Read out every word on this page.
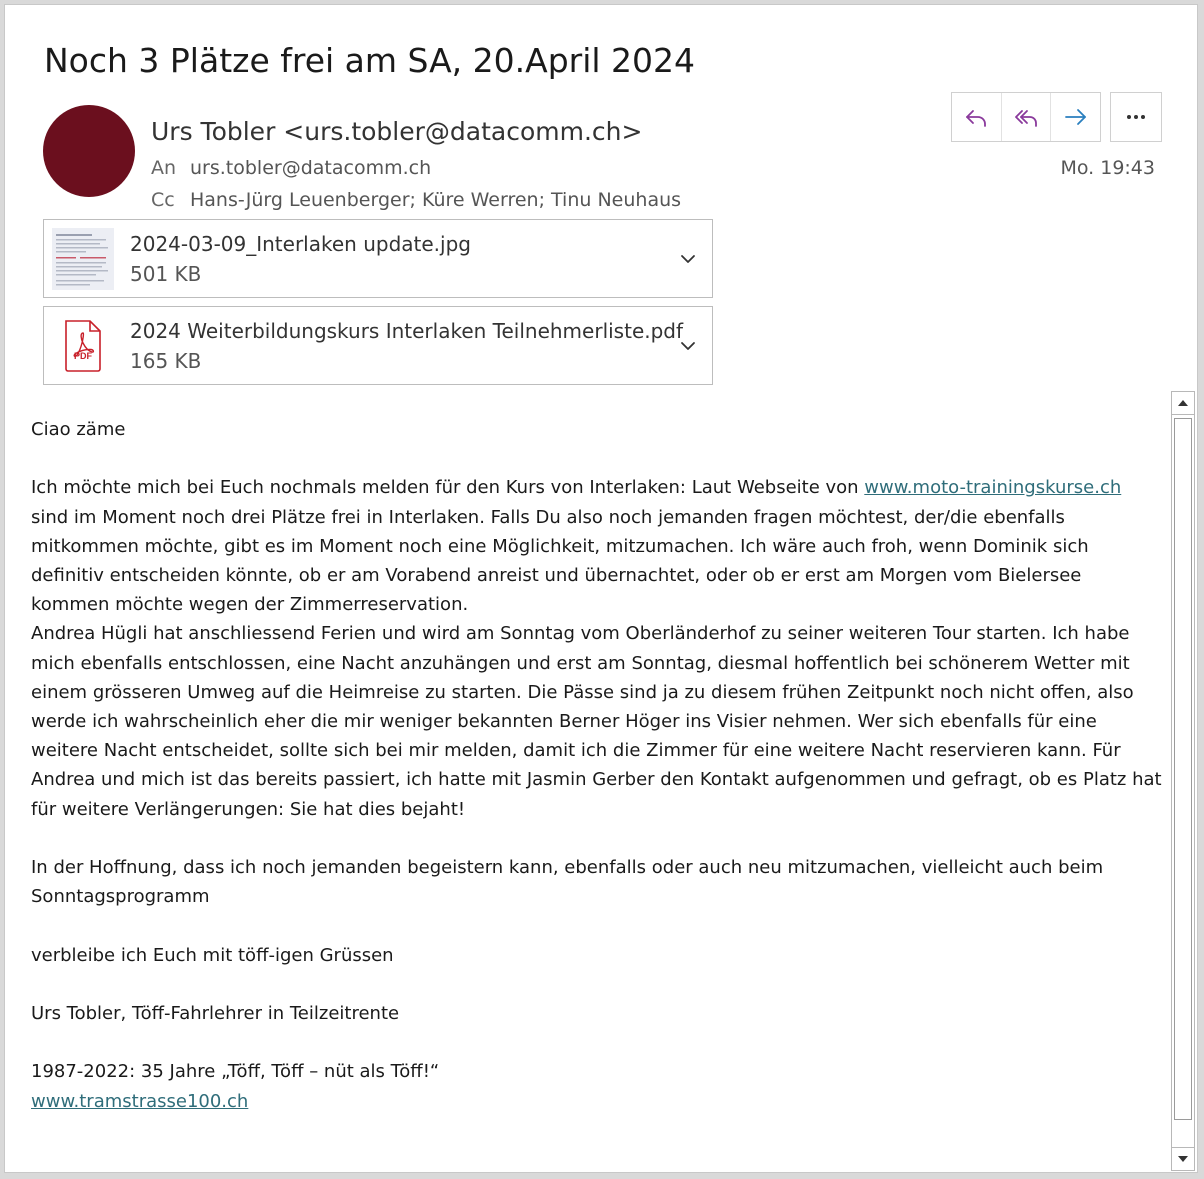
Noch 3 Plätze frei am SA, 20.April 2024
Urs Tobler <urs.tobler@datacomm.ch>
An urs.tobler@datacomm.ch
Cc Hans-Jürg Leuenberger; Küre Werren; Tinu Neuhaus
Mo. 19:43
2024-03-09_Interlaken update.jpg
501 KB
PDF
2024 Weiterbildungskurs Interlaken Teilnehmerliste.pdf
165 KB

Ciao zäme

Ich möchte mich bei Euch nochmals melden für den Kurs von Interlaken: Laut Webseite von www.moto-trainingskurse.ch sind im Moment noch drei Plätze frei in Interlaken. Falls Du also noch jemanden fragen möchtest, der/die ebenfalls mitkommen möchte, gibt es im Moment noch eine Möglichkeit, mitzumachen. Ich wäre auch froh, wenn Dominik sich definitiv entscheiden könnte, ob er am Vorabend anreist und übernachtet, oder ob er erst am Morgen vom Bielersee kommen möchte wegen der Zimmerreservation.

Andrea Hügli hat anschliessend Ferien und wird am Sonntag vom Oberländerhof zu seiner weiteren Tour starten. Ich habe mich ebenfalls entschlossen, eine Nacht anzuhängen und erst am Sonntag, diesmal hoffentlich bei schönerem Wetter mit einem grösseren Umweg auf die Heimreise zu starten. Die Pässe sind ja zu diesem frühen Zeitpunkt noch nicht offen, also werde ich wahrscheinlich eher die mir weniger bekannten Berner Höger ins Visier nehmen. Wer sich ebenfalls für eine weitere Nacht entscheidet, sollte sich bei mir melden, damit ich die Zimmer für eine weitere Nacht reservieren kann. Für Andrea und mich ist das bereits passiert, ich hatte mit Jasmin Gerber den Kontakt aufgenommen und gefragt, ob es Platz hat für weitere Verlängerungen: Sie hat dies bejaht!

In der Hoffnung, dass ich noch jemanden begeistern kann, ebenfalls oder auch neu mitzumachen, vielleicht auch beim Sonntagsprogramm

verbleibe ich Euch mit töff-igen Grüssen

Urs Tobler, Töff-Fahrlehrer in Teilzeitrente

1987-2022: 35 Jahre „Töff, Töff – nüt als Töff!“

www.tramstrasse100.ch
